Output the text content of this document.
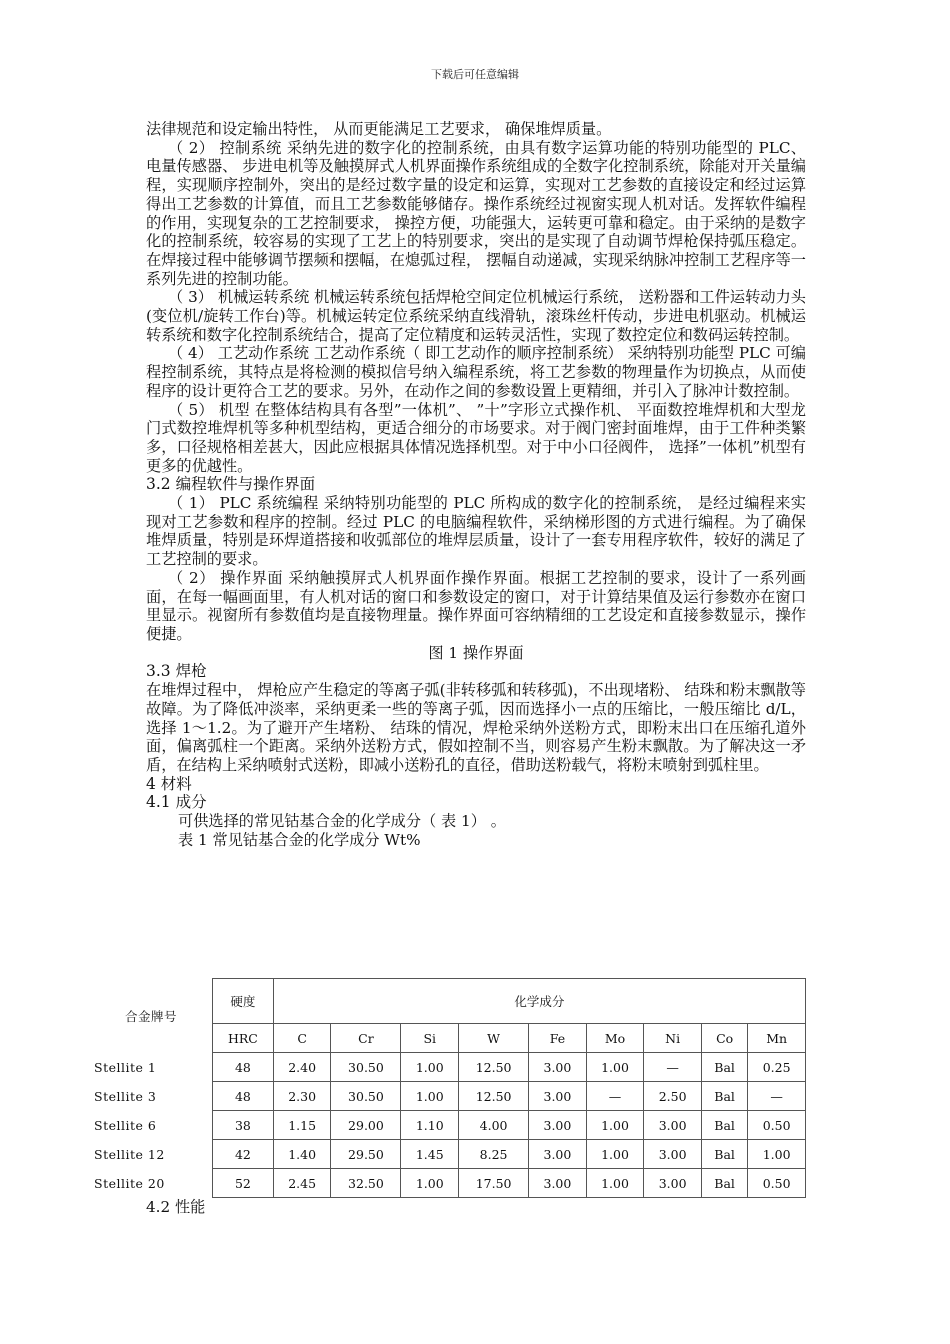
下载后可任意编辑

法律规范和设定输出特性， 从而更能满足工艺要求， 确保堆焊质量。

（ 2） 控制系统 采纳先进的数字化的控制系统，由具有数字运算功能的特别功能型的 PLC、 电量传感器、 步进电机等及触摸屏式人机界面操作系统组成的全数字化控制系统，除能对开关量编程，实现顺序控制外，突出的是经过数字量的设定和运算，实现对工艺参数的直接设定和经过运算得出工艺参数的计算值，而且工艺参数能够储存。操作系统经过视窗实现人机对话。发挥软件编程的作用，实现复杂的工艺控制要求， 操控方便，功能强大，运转更可靠和稳定。由于采纳的是数字化的控制系统，较容易的实现了工艺上的特别要求，突出的是实现了自动调节焊枪保持弧压稳定。在焊接过程中能够调节摆频和摆幅，在熄弧过程， 摆幅自动递减，实现采纳脉冲控制工艺程序等一系列先进的控制功能。

（ 3） 机械运转系统 机械运转系统包括焊枪空间定位机械运行系统， 送粉器和工件运转动力头(变位机/旋转工作台)等。机械运转定位系统采纳直线滑轨，滚珠丝杆传动，步进电机驱动。机械运转系统和数字化控制系统结合，提高了定位精度和运转灵活性，实现了数控定位和数码运转控制。

（ 4） 工艺动作系统 工艺动作系统（ 即工艺动作的顺序控制系统） 采纳特别功能型 PLC 可编程控制系统，其特点是将检测的模拟信号纳入编程系统，将工艺参数的物理量作为切换点，从而使程序的设计更符合工艺的要求。另外，在动作之间的参数设置上更精细，并引入了脉冲计数控制。

（ 5） 机型 在整体结构具有各型”一体机”、 ”十”字形立式操作机、 平面数控堆焊机和大型龙门式数控堆焊机等多种机型结构，更适合细分的市场要求。对于阀门密封面堆焊，由于工件种类繁多，口径规格相差甚大，因此应根据具体情况选择机型。对于中小口径阀件， 选择”一体机”机型有更多的优越性。

3.2 编程软件与操作界面

（ 1） PLC 系统编程 采纳特别功能型的 PLC 所构成的数字化的控制系统， 是经过编程来实现对工艺参数和程序的控制。经过 PLC 的电脑编程软件，采纳梯形图的方式进行编程。为了确保堆焊质量，特别是环焊道搭接和收弧部位的堆焊层质量，设计了一套专用程序软件，较好的满足了工艺控制的要求。

（ 2） 操作界面 采纳触摸屏式人机界面作操作界面。根据工艺控制的要求，设计了一系列画面，在每一幅画面里，有人机对话的窗口和参数设定的窗口，对于计算结果值及运行参数亦在窗口里显示。视窗所有参数值均是直接物理量。操作界面可容纳精细的工艺设定和直接参数显示，操作便捷。

图 1 操作界面

3.3 焊枪

在堆焊过程中， 焊枪应产生稳定的等离子弧(非转移弧和转移弧)，不出现堵粉、 结珠和粉末飘散等故障。为了降低冲淡率，采纳更柔一些的等离子弧，因而选择小一点的压缩比，一般压缩比 d/L， 选择 1～1.2。为了避开产生堵粉、 结珠的情况，焊枪采纳外送粉方式，即粉末出口在压缩孔道外面，偏离弧柱一个距离。采纳外送粉方式，假如控制不当，则容易产生粉末飘散。为了解决这一矛盾，在结构上采纳喷射式送粉，即减小送粉孔的直径，借助送粉载气，将粉末喷射到弧柱里。

4 材料

4.1 成分

可供选择的常见钴基合金的化学成分（ 表 1） 。

表 1 常见钴基合金的化学成分 Wt%

合金牌号	硬度	化学成分								
	HRC	C	Cr	Si	W	Fe	Mo	Ni	Co	Mn
Stellite 1	48	2.40	30.50	1.00	12.50	3.00	1.00	—	Bal	0.25
Stellite 3	48	2.30	30.50	1.00	12.50	3.00	—	2.50	Bal	—
Stellite 6	38	1.15	29.00	1.10	4.00	3.00	1.00	3.00	Bal	0.50
Stellite 12	42	1.40	29.50	1.45	8.25	3.00	1.00	3.00	Bal	1.00
Stellite 20	52	2.45	32.50	1.00	17.50	3.00	1.00	3.00	Bal	0.50
4.2 性能
